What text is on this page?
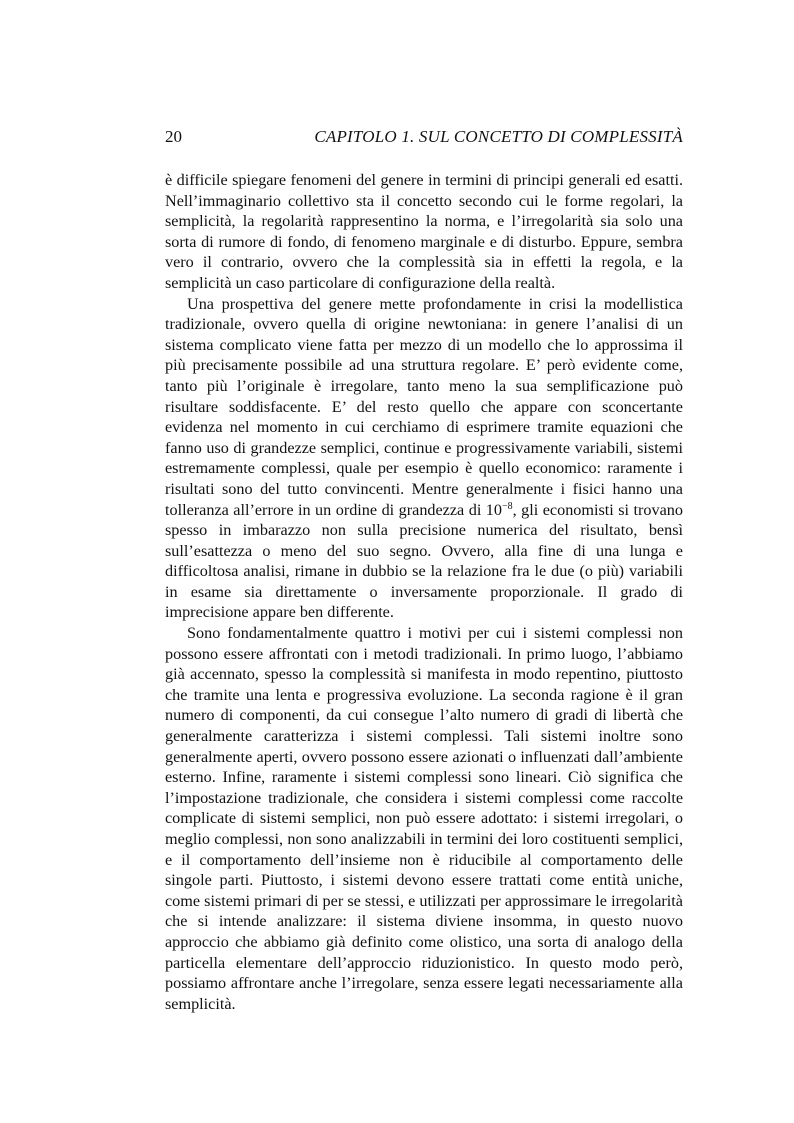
20	CAPITOLO 1. SUL CONCETTO DI COMPLESSITÀ

è difficile spiegare fenomeni del genere in termini di principi generali ed esatti. Nell’immaginario collettivo sta il concetto secondo cui le forme regolari, la semplicità, la regolarità rappresentino la norma, e l’irregolarità sia solo una sorta di rumore di fondo, di fenomeno marginale e di disturbo. Eppure, sembra vero il contrario, ovvero che la complessità sia in effetti la regola, e la semplicità un caso particolare di configurazione della realtà.

Una prospettiva del genere mette profondamente in crisi la modellistica tradizionale, ovvero quella di origine newtoniana: in genere l’analisi di un sistema complicato viene fatta per mezzo di un modello che lo approssima il più precisamente possibile ad una struttura regolare. E’ però evidente come, tanto più l’originale è irregolare, tanto meno la sua semplificazione può risultare soddisfacente. E’ del resto quello che appare con sconcertante evidenza nel momento in cui cerchiamo di esprimere tramite equazioni che fanno uso di grandezze semplici, continue e progressivamente variabili, sistemi estremamente complessi, quale per esempio è quello economico: raramente i risultati sono del tutto convincenti. Mentre generalmente i fisici hanno una tolleranza all’errore in un ordine di grandezza di $10^{-8}$, gli economisti si trovano spesso in imbarazzo non sulla precisione numerica del risultato, bensì sull’esattezza o meno del suo segno. Ovvero, alla fine di una lunga e difficoltosa analisi, rimane in dubbio se la relazione fra le due (o più) variabili in esame sia direttamente o inversamente proporzionale. Il grado di imprecisione appare ben differente.

Sono fondamentalmente quattro i motivi per cui i sistemi complessi non possono essere affrontati con i metodi tradizionali. In primo luogo, l’abbiamo già accennato, spesso la complessità si manifesta in modo repentino, piuttosto che tramite una lenta e progressiva evoluzione. La seconda ragione è il gran numero di componenti, da cui consegue l’alto numero di gradi di libertà che generalmente caratterizza i sistemi complessi. Tali sistemi inoltre sono generalmente aperti, ovvero possono essere azionati o influenzati dall’ambiente esterno. Infine, raramente i sistemi complessi sono lineari. Ciò significa che l’impostazione tradizionale, che considera i sistemi complessi come raccolte complicate di sistemi semplici, non può essere adottato: i sistemi irregolari, o meglio complessi, non sono analizzabili in termini dei loro costituenti semplici, e il comportamento dell’insieme non è riducibile al comportamento delle singole parti. Piuttosto, i sistemi devono essere trattati come entità uniche, come sistemi primari di per se stessi, e utilizzati per approssimare le irregolarità che si intende analizzare: il sistema diviene insomma, in questo nuovo approccio che abbiamo già definito come olistico, una sorta di analogo della particella elementare dell’approccio riduzionistico. In questo modo però, possiamo affrontare anche l’irregolare, senza essere legati necessariamente alla semplicità.
